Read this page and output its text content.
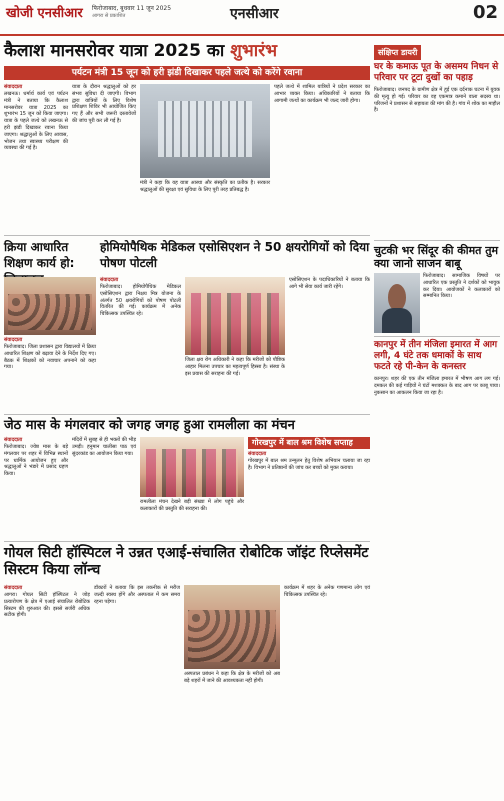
खोजी एनसीआर फिरोजाबाद, बुधवार 11 जून 2025
आगरा से प्रकाशित	एनसीआर	02
कैलाश मानसरोवर यात्रा 2025 का शुभारंभ
पर्यटन मंत्री 15 जून को हरी झंडी दिखाकर पहले जत्थे को करेंगे रवाना
संवाददाता
लखनऊ। धर्मार्थ कार्य एवं पर्यटन मंत्री ने बताया कि कैलाश मानसरोवर यात्रा 2025 का शुभारंभ 15 जून को किया जाएगा। यात्रा के पहले जत्थे को लखनऊ से हरी झंडी दिखाकर रवाना किया जाएगा। श्रद्धालुओं के लिए आवास, भोजन तथा स्वास्थ्य परीक्षण की व्यवस्था की गई है।
यात्रा के दौरान श्रद्धालुओं को हर संभव सुविधा दी जाएगी। विभाग द्वारा यात्रियों के लिए विशेष प्रशिक्षण शिविर भी आयोजित किए गए हैं और सभी जरूरी दस्तावेजों की जांच पूरी कर ली गई है।
मंत्री ने कहा कि यह यात्रा आस्था और संस्कृति का प्रतीक है। सरकार श्रद्धालुओं की सुरक्षा एवं सुविधा के लिए पूरी तरह प्रतिबद्ध है।
पहले जत्थे में शामिल यात्रियों ने प्रदेश सरकार का आभार व्यक्त किया। अधिकारियों ने बताया कि आगामी जत्थों का कार्यक्रम भी जल्द जारी होगा।
क्रिया आधारित शिक्षण कार्य हो:
संवाददाता
फिरोजाबाद। जिला प्रशासन द्वारा विद्यालयों में क्रिया आधारित शिक्षण को बढ़ावा देने के निर्देश दिए गए। बैठक में शिक्षकों को नवाचार अपनाने को कहा गया।
होमियोपैथिक मेडिकल एसोसिएशन ने 50 क्षयरोगियों को दिया पोषण पोटली
संवाददाता
फिरोजाबाद। होमियोपैथिक मेडिकल एसोसिएशन द्वारा निक्षय मित्र योजना के अंतर्गत 50 क्षयरोगियों को पोषण पोटली वितरित की गई। कार्यक्रम में अनेक चिकित्सक उपस्थित रहे।
जिला क्षय रोग अधिकारी ने कहा कि मरीजों को पौष्टिक आहार मिलना उपचार का महत्वपूर्ण हिस्सा है। संस्था के इस प्रयास की सराहना की गई।
एसोसिएशन के पदाधिकारियों ने बताया कि आगे भी सेवा कार्य जारी रहेंगे।
जेठ मास के मंगलवार को जगह जगह हुआ रामलीला का मंचन
संवाददाता
फिरोजाबाद। ज्येष्ठ मास के बड़े मंगलवार पर शहर में विभिन्न स्थानों पर धार्मिक आयोजन हुए और श्रद्धालुओं ने भंडारे में प्रसाद ग्रहण किया।
मंदिरों में सुबह से ही भक्तों की भीड़ उमड़ी। हनुमान चालीसा पाठ एवं सुंदरकांड का आयोजन किया गया।
रामलीला मंचन देखने बड़ी संख्या में लोग पहुंचे और कलाकारों की प्रस्तुति की सराहना की।
गोरखपुर में बाल श्रम विशेष सप्ताह
संवाददाता
गोरखपुर में बाल श्रम उन्मूलन हेतु विशेष अभियान चलाया जा रहा है। विभाग ने प्रतिष्ठानों की जांच कर बच्चों को मुक्त कराया।
गोयल सिटी हॉस्पिटल ने उन्नत एआई-संचालित रोबोटिक जॉइंट रिप्लेसमेंट सिस्टम किया लॉन्च
संवाददाता
आगरा। गोयल सिटी हॉस्पिटल ने जोड़ प्रत्यारोपण के क्षेत्र में एआई संचालित रोबोटिक सिस्टम की शुरुआत की। इससे सर्जरी अधिक सटीक होगी।
डॉक्टरों ने बताया कि इस तकनीक से मरीज जल्दी स्वस्थ होंगे और अस्पताल में कम समय रहना पड़ेगा।
अस्पताल प्रबंधन ने कहा कि क्षेत्र के मरीजों को अब बड़े शहरों में जाने की आवश्यकता नहीं होगी।
कार्यक्रम में शहर के अनेक गणमान्य लोग एवं चिकित्सक उपस्थित रहे।
संक्षिप्त डायरी
घर के कमाऊ पूत के असमय निधन से परिवार पर टूटा दुखों का पहाड़
फिरोजाबाद। जनपद के ग्रामीण क्षेत्र में हुई एक दर्दनाक घटना में युवक की मृत्यु हो गई। परिवार का वह एकमात्र कमाने वाला सदस्य था। परिजनों ने प्रशासन से सहायता की मांग की है। गांव में शोक का माहौल है।
चुटकी भर सिंदूर की कीमत तुम क्या जानो साजन बाबू
फिरोजाबाद। सामाजिक विषयों पर आधारित एक प्रस्तुति ने दर्शकों को भावुक कर दिया। आयोजकों ने कलाकारों को सम्मानित किया।
कानपुर में तीन मंजिला इमारत में आग लगी, 4 घंटे तक धमाकों के साथ फटते रहे पी-केन के कनस्तर
कानपुर। शहर की एक तीन मंजिला इमारत में भीषण आग लग गई। दमकल की कई गाड़ियों ने घंटों मशक्कत के बाद आग पर काबू पाया। नुकसान का आकलन किया जा रहा है।
